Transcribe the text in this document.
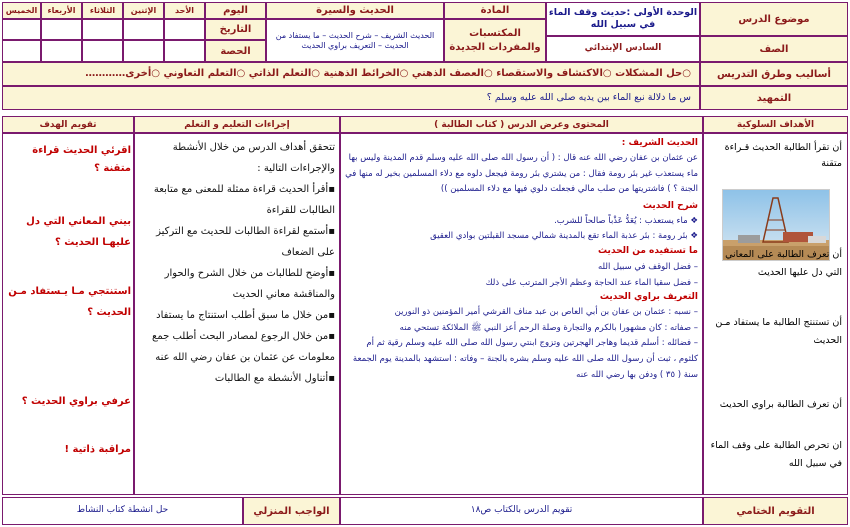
موضوع الدرس
الصف
الوحدة الأولى :حديث وقف الماء في سبيل الله
السادس الإبتدائي
المادة
المكتسبات والمفردات الجديدة
الحديث والسيرة
الحديث الشريف – شرح الحديث – ما يستفاد من الحديث – التعريف براوي الحديث
اليوم
التاريخ
الحصة
الأحد
الإثنين
الثلاثاء
الأربعاء
الخميس
أساليب وطرق التدريس
○حل المشكلات ○الاكتشاف والاستقصاء ○العصف الذهني ○الخرائط الذهنية ○التعلم الذاتي ○التعلم التعاوني ○أخرى…………
التمهيد
س ما دلالة نبع الماء بين يديه صلى الله عليه وسلم ؟
الأهداف السلوكية
المحتوى وعرض الدرس ( كتاب الطالبة )
إجراءات التعليم و التعلم
تقويم الهدف
أن تقرأ الطالبة الحديث قـراءة متقنة
أن تعرف الطالبة على المعاني التي دل عليها الحديث
أن تستنتج الطالبة ما يستفاد مـن الحديث
أن تعرف الطالبة براوي الحديث
ان تحرص الطالبة على وقف الماء في سبيل الله
الحديث الشريف :
عن عثمان بن عفان رضي الله عنه قال : ( أن رسول الله صلى الله عليه وسلم قدم المدينة وليس بها ماء يستعذب غير بئر رومة فقال : من يشتري بئر رومة فيجعل دلوه مع دلاء المسلمين بخير له منها في الجنة ؟ ) فاشتريتها من صلب مالي فجعلت دلوي فيها مع دلاء المسلمين ))
شرح الحديث
❖ ماء يستعذب : يُعَدُّ عَذْباً صالحاً للشرب.
❖ بئر رومة : بئر عذبة الماء تقع بالمدينة شمالي مسجد القبلتين بوادي العقيق
ما تستفيده من الحديث
– فضل الوقف في سبيل الله
– فضل سقيا الماء عند الحاجة وعظم الأجر المترتب على ذلك
التعريف براوي الحديث
– نسبه : عثمان بن عفان بن أبي العاص بن عبد مناف القرشي أمير المؤمنين ذو النورين
– صفاته : كان مشهورا بالكرم والتجارة وصلة الرحم أعز النبي ﷺ الملائكة تستحي منه
– فضائله : أسلم قديما وهاجر الهجرتين وتزوج ابنتي رسول الله صلى الله عليه وسلم رقية ثم أم كلثوم ، ثبت أن رسول الله صلى الله عليه وسلم بشره بالجنة – وفاته : استشهد بالمدينة يوم الجمعة سنة ( ٣٥ ) ودفن بها رضي الله عنه
تتحقق أهداف الدرس من خلال الأنشطة والإجراءات التالية :
▪أقرأ الحديث قراءة ممثلة للمعنى مع متابعة الطالبات للقراءة
▪أستمع لقراءة الطالبات للحديث مع التركيز على الضعاف
▪أوضح للطالبات من خلال الشرح والحوار والمناقشة معاني الحديث
▪من خلال ما سبق أطلب استنتاج ما يستفاد
▪من خلال الرجوع لمصادر البحث أطلب جمع معلومات عن عثمان بن عفان رضي الله عنه
▪أتناول الأنشطة مع الطالبات
اقرئي الحديث قراءة متقنة ؟
بيني المعاني التي دل عليهـا الحديث ؟
استنتجي مـا يـستفاد مـن الحديث ؟
عرفي براوي الحديث ؟
مراقبة ذاتية !
التقويم الختامي
تقويم الدرس بالكتاب ص١٨
الواجب المنزلي
حل انشطة كتاب النشاط
